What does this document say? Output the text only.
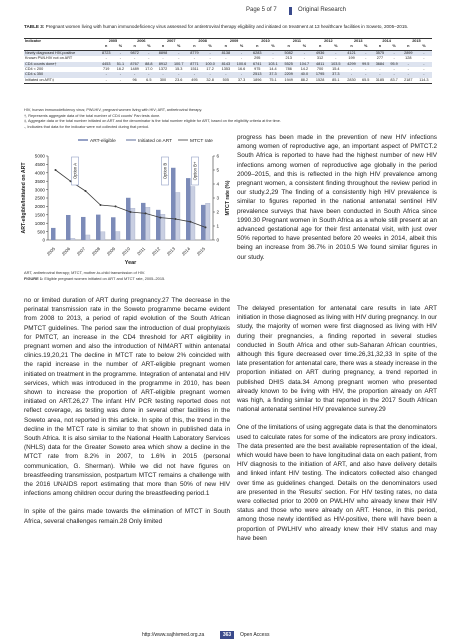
Page 5 of 7	Original Research
TABLE 3: Pregnant women living with human immunodeficiency virus assessed for antiretroviral therapy eligibility and initiated on treatment at 13 healthcare facilities in Soweto, 2005–2015.
Indicator	2005		2006		2007		2008		2009		2010		2011		2012		2013		2014		2015	
	n	%	n	%	n	%	n	%	n	%	n	%	n	%	n	%	n	%	n	%	n	%
Newly diagnosed HIV-positive	8723	-	9872	-	8898	-	8779	-	8138	-	6283	-	5082	-	4936	-	4121	-	3575	-	2899	-
Known PWLHIV not on ART	-	-	-	-	-	-	-	-	-	-	295	-	213	-	312	-	199	-	277	-	128	-
CD4 counts done†	4453	51.1	8767	88.8	8912	100.7	8771	100.0	8143	100.6	6741	103.1	5525	104.7	4811	103.5	4299	99.5	3684	95.9	-	-
CD4 < 200	719	16.2	1489	17.0	1372	15.3	1511	17.2	1353	16.6	975	14.4	786	14.2	700	15.4	-	-	-	-	-	-
CD4 ≤ 350	-	-	-	-	-	-	-	-	-	-	2513	37.3	2209	40.0	1795	37.3	-	-	-	-	-	-
Initiated on ART‡	-	-	96	6.5	300	23.6	495	32.8	505	37.3	1896	75.1	1949	88.2	1528	85.1	2830	65.5	3185	83.7	2187	114.3
HIV, human immunodeficiency virus; PWLHIV, pregnant women living with HIV; ART, antiretroviral therapy.
†, Represents aggregate data of the total number of CD4 counts' Pan tests done.
‡, Aggregate data or the total number initiated on ART and the denominator is the total number eligible for ART, based on the eligibility criteria at the time.
-, Indicates that data for the indicator were not collected during that period.
5000
4500
4000
3500
3000
2500
2000
1500
1000
500
0
6
5
4
3
2
1
0
2005 2006 2007 2008 2009 2010 2011 2012 2013 2014 2015
Option A	Option B	Option B+
ART-eligible	Initiated on ART	MTCT rate
Year
ART-eligible/Initiated on ART	MTCT rate (%)
ART, antiretroviral therapy; MTCT, mother-to-child transmission of HIV.
FIGURE 1: Eligible pregnant women initiated on ART and MTCT rate, 2005–2015.

no or limited duration of ART during pregnancy.27 The decrease in the perinatal transmission rate in the Soweto programme became evident from 2008 to 2013, a period of rapid evolution of the South African PMTCT guidelines. The period saw the introduction of dual prophylaxis for PMTCT, an increase in the CD4 threshold for ART eligibility in pregnant women and also the introduction of NIMART within antenatal clinics.19,20,21 The decline in MTCT rate to below 2% coincided with the rapid increase in the number of ART-eligible pregnant women initiated on treatment in the programme. Integration of antenatal and HIV services, which was introduced in the programme in 2010, has been shown to increase the proportion of ART-eligible pregnant women initiated on ART.26,27 The infant HIV PCR testing reported does not reflect coverage, as testing was done in several other facilities in the Soweto area, not reported in this article. In spite of this, the trend in the decline in the MTCT rate is similar to that shown in published data in South Africa. It is also similar to the National Health Laboratory Services (NHLS) data for the Greater Soweto area which show a decline in the MTCT rate from 8.2% in 2007, to 1.6% in 2015 (personal communication, G. Sherman). While we did not have figures on breastfeeding transmission, postpartum MTCT remains a challenge with the 2016 UNAIDS report estimating that more than 50% of new HIV infections among children occur during the breastfeeding period.1

In spite of the gains made towards the elimination of MTCT in South Africa, several challenges remain.28 Only limited

progress has been made in the prevention of new HIV infections among women of reproductive age, an important aspect of PMTCT.2 South Africa is reported to have had the highest number of new HIV infections among women of reproductive age globally in the period 2009–2015, and this is reflected in the high HIV prevalence among pregnant women, a consistent finding throughout the review period in our study.2,29 The finding of a consistently high HIV prevalence is similar to figures reported in the national antenatal sentinel HIV prevalence surveys that have been conducted in South Africa since 1990.30 Pregnant women in South Africa as a whole still present at an advanced gestational age for their first antenatal visit, with just over 50% reported to have presented before 20 weeks in 2014, albeit this being an increase from 36.7% in 2010.5 We found similar figures in our study.

The delayed presentation for antenatal care results in late ART initiation in those diagnosed as living with HIV during pregnancy. In our study, the majority of women were first diagnosed as living with HIV during their pregnancies, a finding reported in several studies conducted in South Africa and other sub-Saharan African countries, although this figure decreased over time.26,31,32,33 In spite of the late presentation for antenatal care, there was a steady increase in the proportion initiated on ART during pregnancy, a trend reported in published DHIS data.34 Among pregnant women who presented already known to be living with HIV, the proportion already on ART was high, a finding similar to that reported in the 2017 South African national antenatal sentinel HIV prevalence survey.29

One of the limitations of using aggregate data is that the denominators used to calculate rates for some of the indicators are proxy indicators. The data presented are the best available representation of the ideal, which would have been to have longitudinal data on each patient, from HIV diagnosis to the initiation of ART, and also have delivery details and linked infant HIV testing. The indicators collected also changed over time as guidelines changed. Details on the denominators used are presented in the 'Results' section. For HIV testing rates, no data were collected prior to 2009 on PWLHIV who already knew their HIV status and those who were already on ART. Hence, in this period, among those newly identified as HIV-positive, there will have been a proportion of PWLHIV who already knew their HIV status and may have been

http://www.sajhivmed.org.za	363	Open Access
